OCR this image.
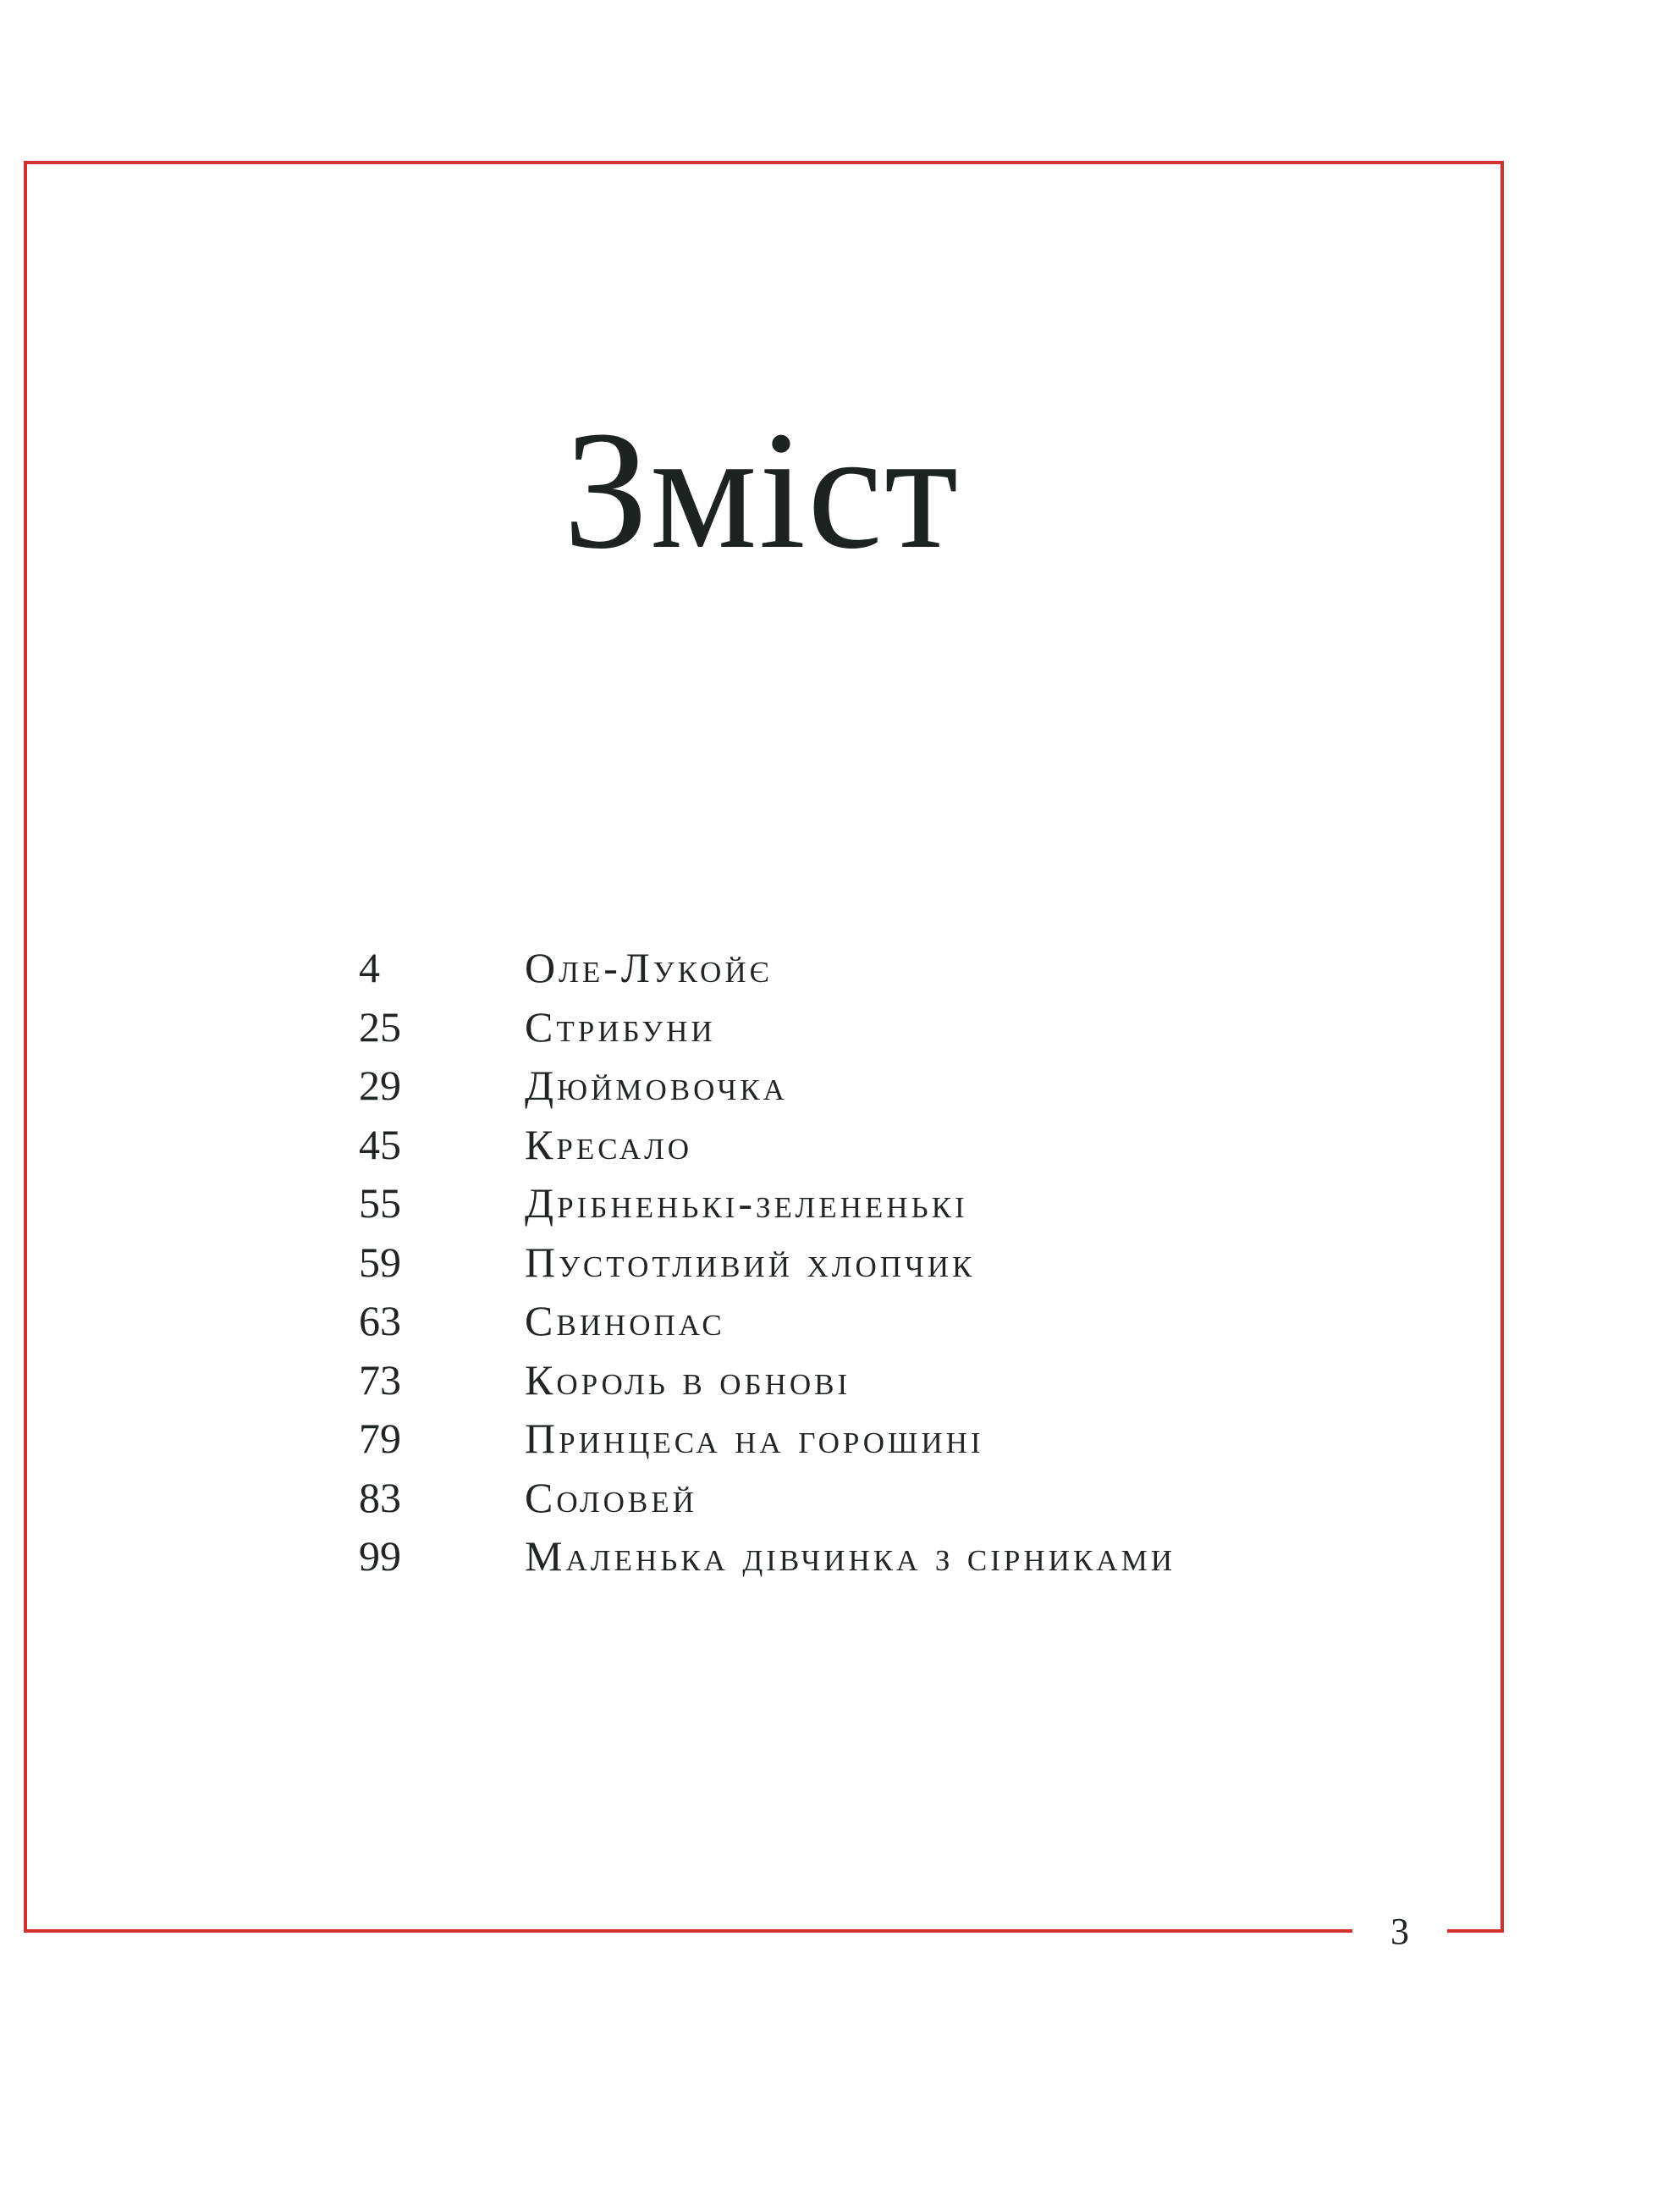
Зміст
4	Оле-Лукойє
25	Стрибуни
29	Дюймовочка
45	Кресало
55	Дрібненькі-зелененькі
59	Пустотливий хлопчик
63	Свинопас
73	Король в обнові
79	Принцеса на горошині
83	Соловей
99	Маленька дівчинка з сірниками
3
